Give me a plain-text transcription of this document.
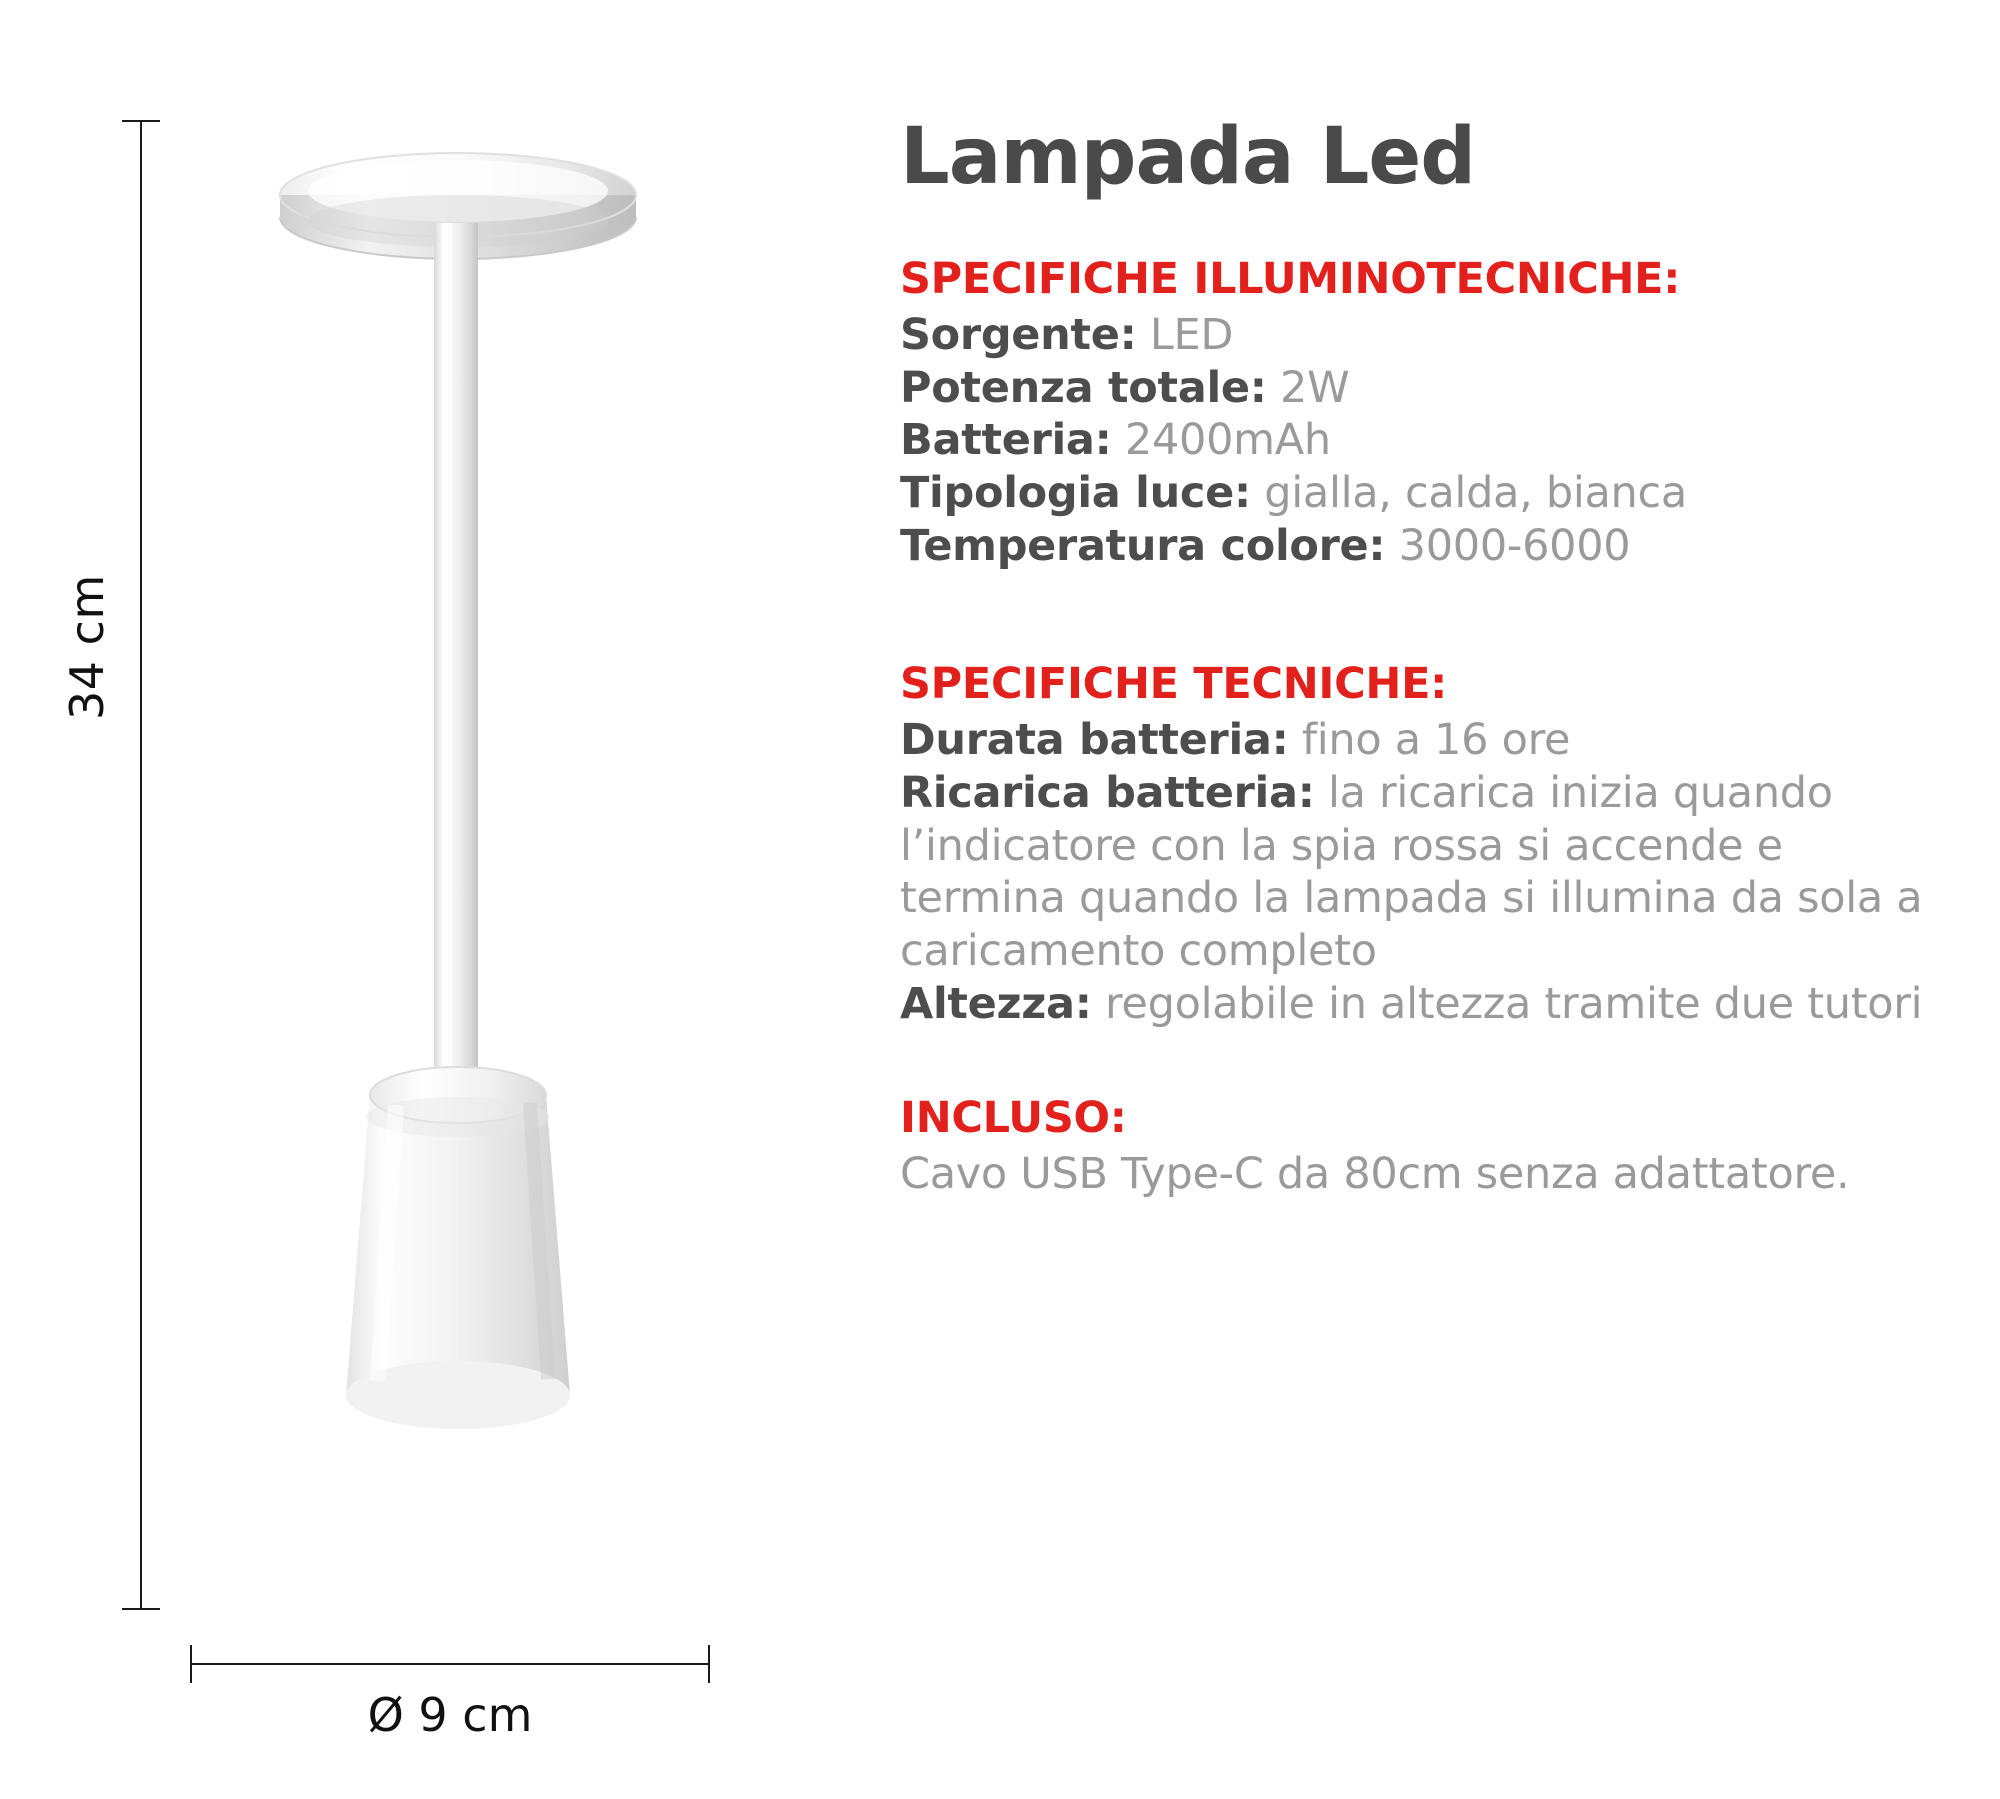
34 cm
Ø 9 cm
Lampada Led
SPECIFICHE ILLUMINOTECNICHE:

Sorgente: LED

Potenza totale: 2W

Batteria: 2400mAh

Tipologia luce: gialla, calda, bianca

Temperatura colore: 3000-6000

SPECIFICHE TECNICHE:

Durata batteria: fino a 16 ore

Ricarica batteria: la ricarica inizia quando l’indicatore con la spia rossa si accende e termina quando la lampada si illumina da sola a caricamento completo

Altezza: regolabile in altezza tramite due tutori

INCLUSO:

Cavo USB Type-C da 80cm senza adattatore.
